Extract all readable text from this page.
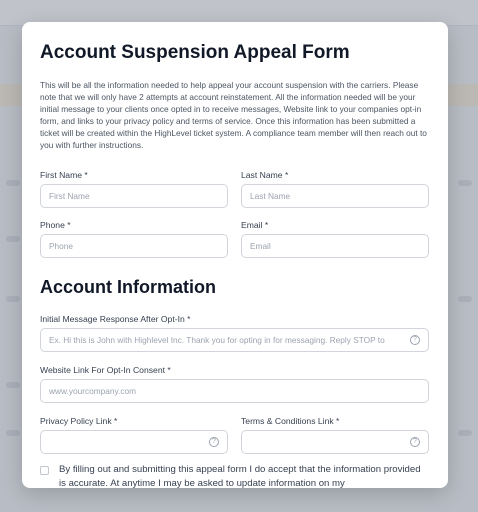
Account Suspension Appeal Form
This will be all the information needed to help appeal your account suspension with the carriers. Please note that we will only have 2 attempts at account reinstatement. All the information needed will be your initial message to your clients once opted in to receive messages, Website link to your companies opt-in form, and links to your privacy policy and terms of service. Once this information has been submitted a ticket will be created within the HighLevel ticket system. A compliance team member will then reach out to you with further instructions.
First Name *
First Name
Last Name *
Last Name
Phone *
Phone
Email *
Email
Account Information
Initial Message Response After Opt-In *
Ex. Hi this is John with Highlevel Inc. Thank you for opting in for messaging. Reply STOP to	?
Website Link For Opt-In Consent *
www.yourcompany.com
Privacy Policy Link *
?
Terms & Conditions Link *
?
By filling out and submitting this appeal form I do accept that the information provided is accurate. At anytime I may be asked to update information on my
